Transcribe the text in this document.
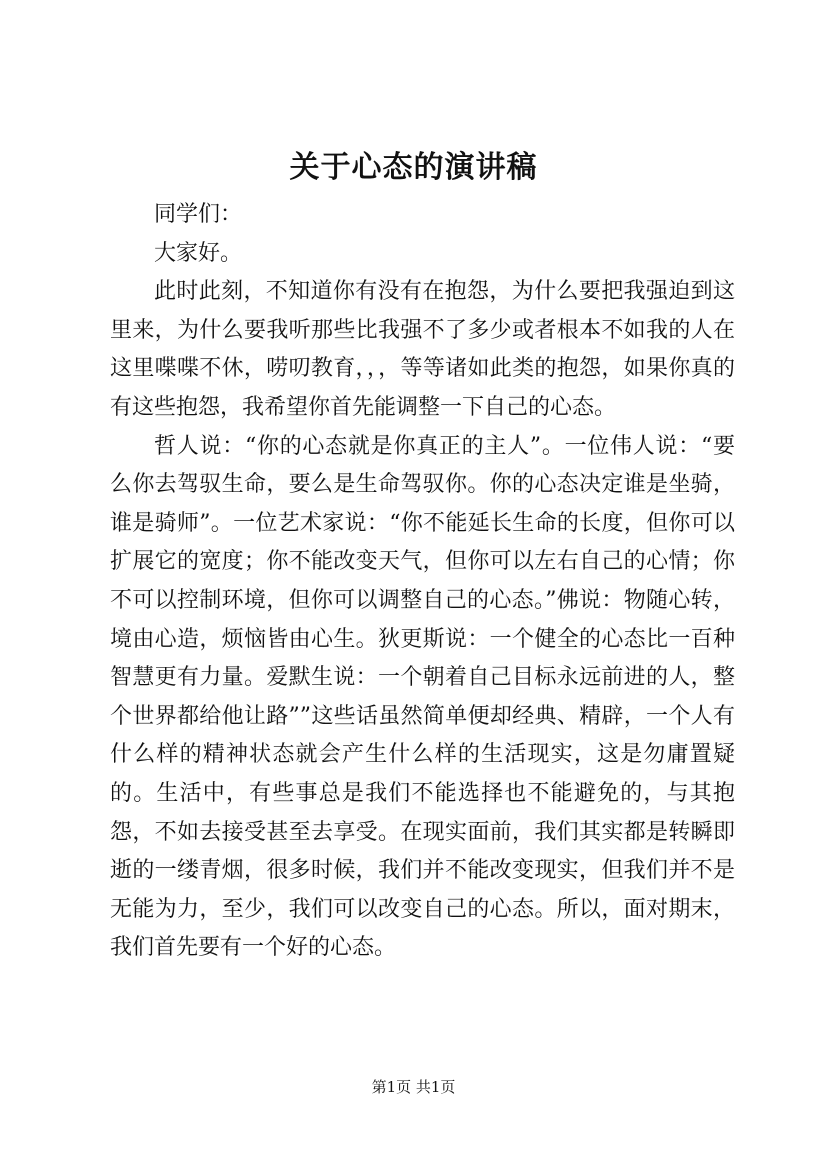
关于心态的演讲稿

同学们：

大家好。

此时此刻，不知道你有没有在抱怨，为什么要把我强迫到这里来，为什么要我听那些比我强不了多少或者根本不如我的人在这里喋喋不休，唠叨教育，，，等等诸如此类的抱怨，如果你真的有这些抱怨，我希望你首先能调整一下自己的心态。

哲人说：“你的心态就是你真正的主人”。一位伟人说：“要么你去驾驭生命，要么是生命驾驭你。你的心态决定谁是坐骑，谁是骑师”。一位艺术家说：“你不能延长生命的长度，但你可以扩展它的宽度；你不能改变天气，但你可以左右自己的心情；你不可以控制环境，但你可以调整自己的心态。”佛说：物随心转，境由心造，烦恼皆由心生。狄更斯说：一个健全的心态比一百种智慧更有力量。爱默生说：一个朝着自己目标永远前进的人，整个世界都给他让路””这些话虽然简单便却经典、精辟，一个人有什么样的精神状态就会产生什么样的生活现实，这是勿庸置疑的。生活中，有些事总是我们不能选择也不能避免的，与其抱怨，不如去接受甚至去享受。在现实面前，我们其实都是转瞬即逝的一缕青烟，很多时候，我们并不能改变现实，但我们并不是无能为力，至少，我们可以改变自己的心态。所以，面对期末，我们首先要有一个好的心态。

第1页 共1页
